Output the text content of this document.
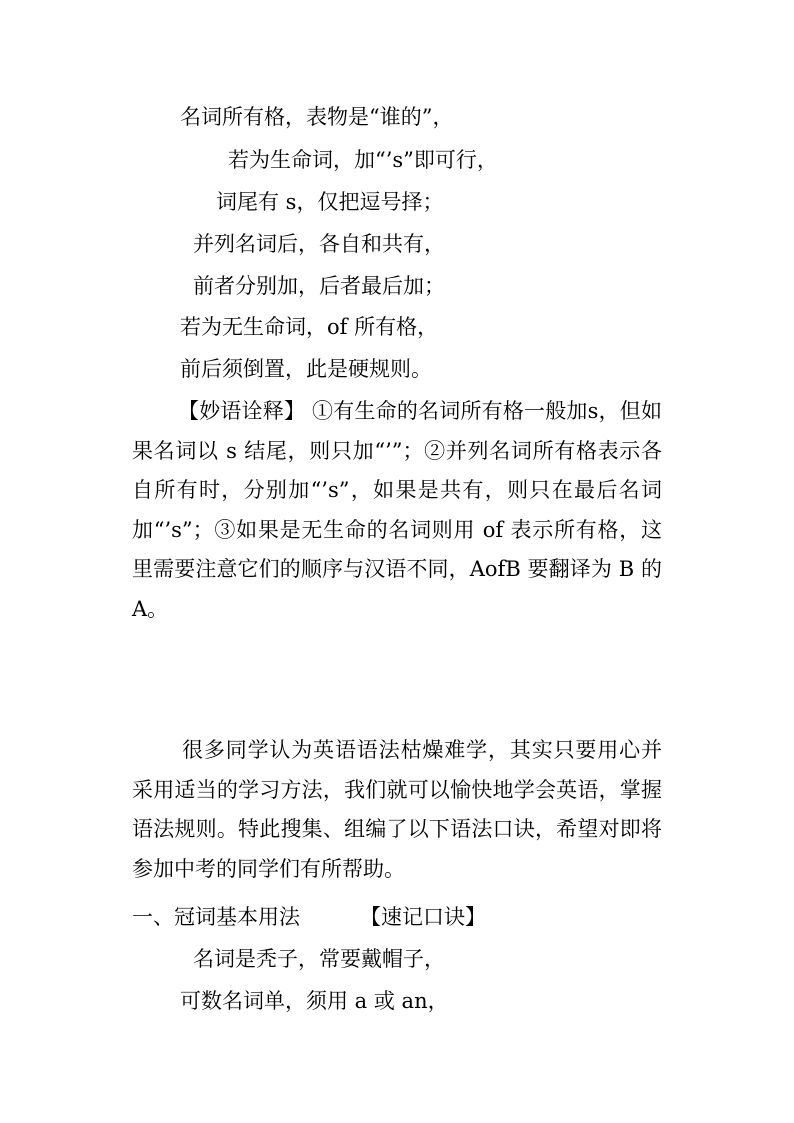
名词所有格，表物是“谁的”，

若为生命词，加“’s”即可行，

词尾有 s，仅把逗号择；

并列名词后，各自和共有，

前者分别加，后者最后加；

若为无生命词，of 所有格，

前后须倒置，此是硬规则。

【妙语诠释】 ①有生命的名词所有格一般加s，但如果名词以 s 结尾，则只加“’”；②并列名词所有格表示各自所有时，分别加“’s”，如果是共有，则只在最后名词加“’s”；③如果是无生命的名词则用 of 表示所有格，这里需要注意它们的顺序与汉语不同，AofB 要翻译为 B 的 A。

很多同学认为英语语法枯燥难学，其实只要用心并采用适当的学习方法，我们就可以愉快地学会英语，掌握语法规则。特此搜集、组编了以下语法口诀，希望对即将参加中考的同学们有所帮助。

一、冠词基本用法	【速记口诀】

名词是秃子，常要戴帽子，

可数名词单，须用 a 或 an，
